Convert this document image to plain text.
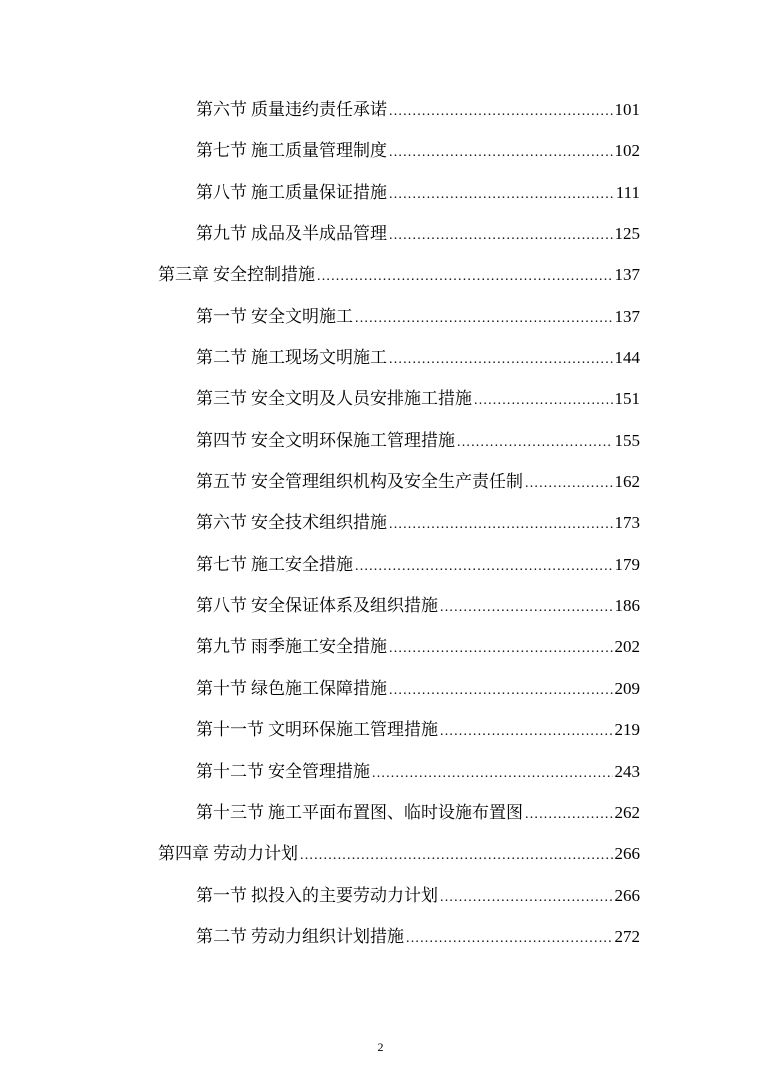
第六节 质量违约责任承诺 .....	101
第七节 施工质量管理制度 .....	102
第八节 施工质量保证措施 .....	111
第九节 成品及半成品管理 .....	125
第三章 安全控制措施 .....	137
第一节 安全文明施工 .....	137
第二节 施工现场文明施工 .....	144
第三节 安全文明及人员安排施工措施 .....	151
第四节 安全文明环保施工管理措施 .....	155
第五节 安全管理组织机构及安全生产责任制 .....	162
第六节 安全技术组织措施 .....	173
第七节 施工安全措施 .....	179
第八节 安全保证体系及组织措施 .....	186
第九节 雨季施工安全措施 .....	202
第十节 绿色施工保障措施 .....	209
第十一节 文明环保施工管理措施 .....	219
第十二节 安全管理措施 .....	243
第十三节 施工平面布置图、临时设施布置图 .....	262
第四章 劳动力计划 .....	266
第一节 拟投入的主要劳动力计划 .....	266
第二节 劳动力组织计划措施 .....	272
2
